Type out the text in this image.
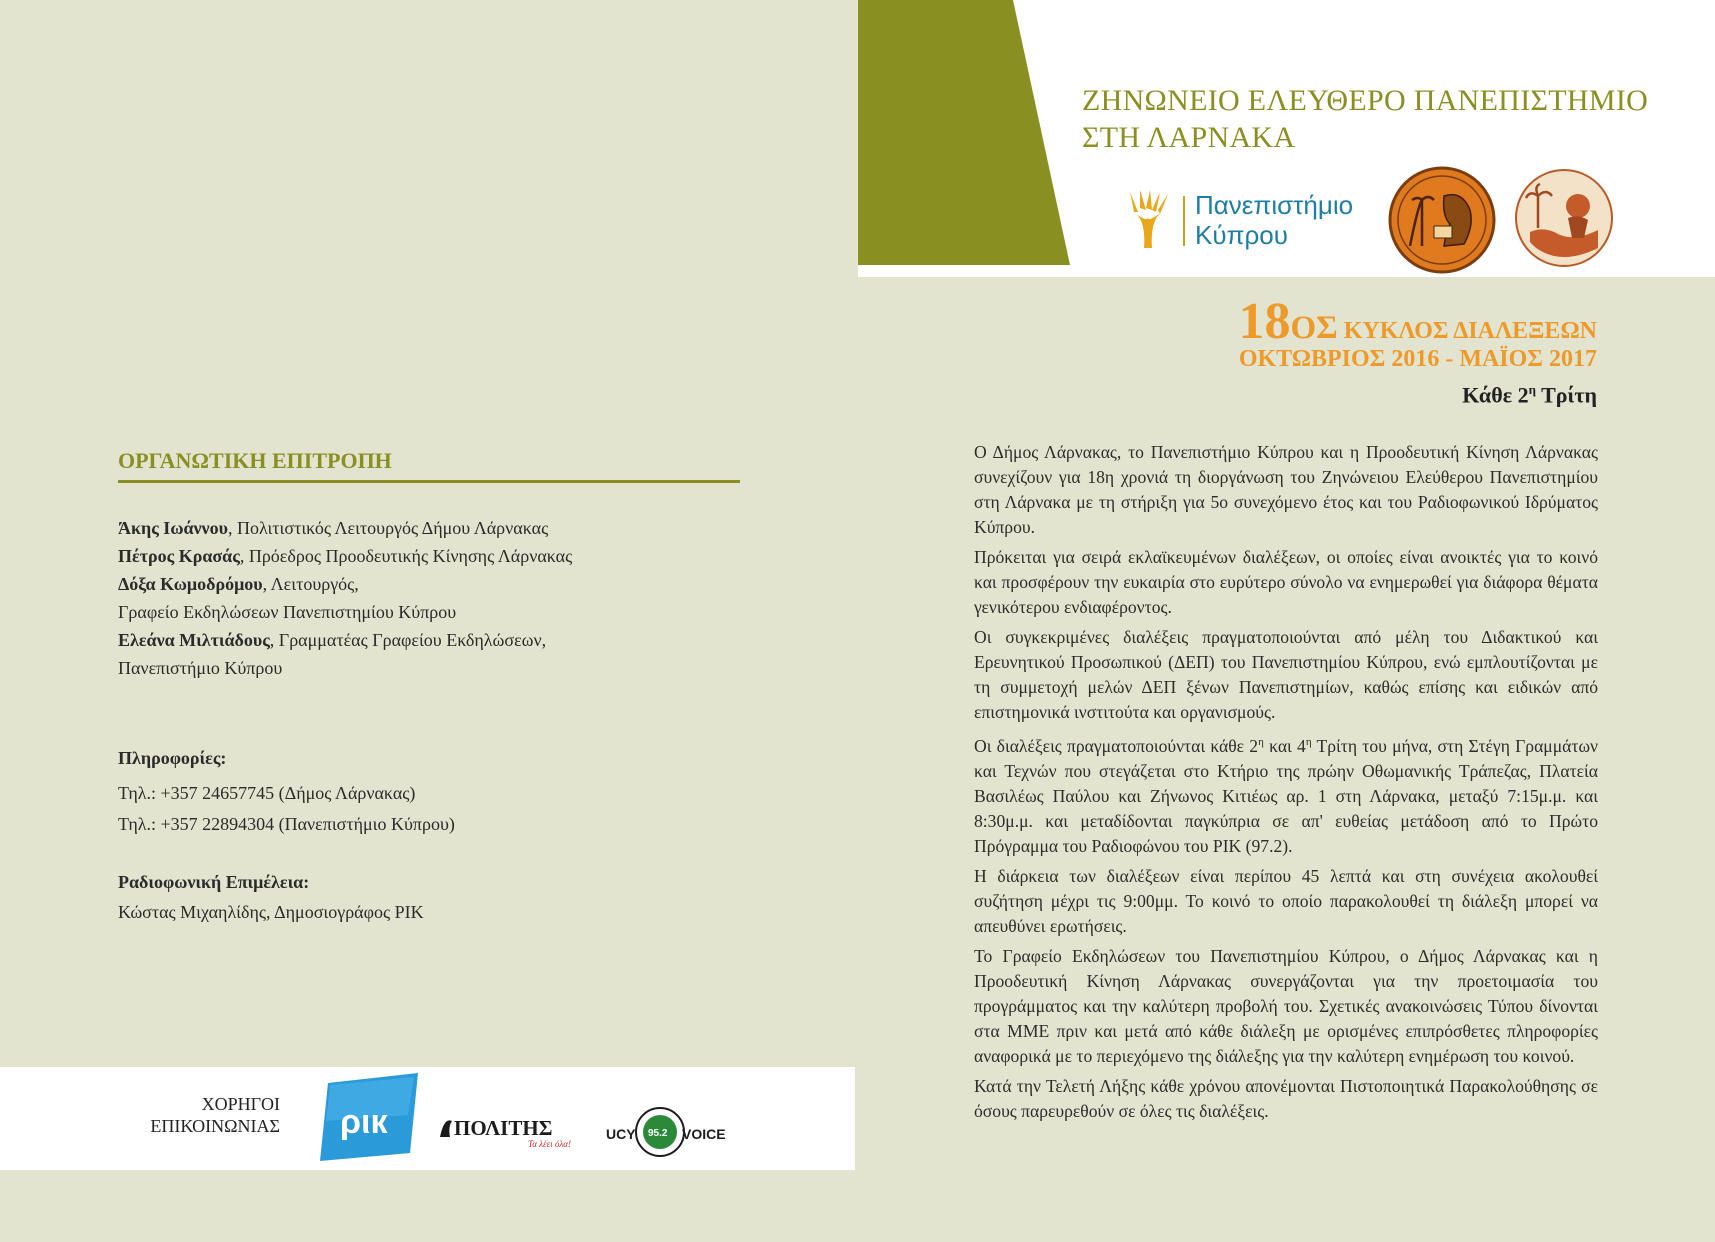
ΖΗΝΩΝΕΙΟ ΕΛΕΥΘΕΡΟ ΠΑΝΕΠΙΣΤΗΜΙΟ
ΣΤΗ ΛΑΡΝΑΚΑ
Πανεπιστήμιο
Κύπρου
18ΟΣ ΚΥΚΛΟΣ ΔΙΑΛΕΞΕΩΝ
ΟΚΤΩΒΡΙΟΣ 2016 - ΜΑΪΟΣ 2017
Κάθε $2^\eta$ Τρίτη

Ο Δήμος Λάρνακας, το Πανεπιστήμιο Κύπρου και η Προοδευτική Κίνηση Λάρνακας συνεχίζουν για 18η χρονιά τη διοργάνωση του Ζηνώνειου Ελεύθερου Πανεπιστημίου στη Λάρνακα με τη στήριξη για 5ο συνεχόμενο έτος και του Ραδιοφωνικού Ιδρύματος Κύπρου.

Πρόκειται για σειρά εκλαϊκευμένων διαλέξεων, οι οποίες είναι ανοικτές για το κοινό και προσφέρουν την ευκαιρία στο ευρύτερο σύνολο να ενημερωθεί για διάφορα θέματα γενικότερου ενδιαφέροντος.

Οι συγκεκριμένες διαλέξεις πραγματοποιούνται από μέλη του Διδακτικού και Ερευνητικού Προσωπικού (ΔΕΠ) του Πανεπιστημίου Κύπρου, ενώ εμπλουτίζονται με τη συμμετοχή μελών ΔΕΠ ξένων Πανεπιστημίων, καθώς επίσης και ειδικών από επιστημονικά ινστιτούτα και οργανισμούς.

Οι διαλέξεις πραγματοποιούνται κάθε $2^\eta$ και $4^\eta$ Τρίτη του μήνα, στη Στέγη Γραμμάτων και Τεχνών που στεγάζεται στο Κτήριο της πρώην Οθωμανικής Τράπεζας, Πλατεία Βασιλέως Παύλου και Ζήνωνος Κιτιέως αρ. 1 στη Λάρνακα, μεταξύ 7:15μ.μ. και 8:30μ.μ. και μεταδίδονται παγκύπρια σε απ' ευθείας μετάδοση από το Πρώτο Πρόγραμμα του Ραδιοφώνου του ΡΙΚ (97.2).

Η διάρκεια των διαλέξεων είναι περίπου 45 λεπτά και στη συνέχεια ακολουθεί συζήτηση μέχρι τις 9:00μμ. Το κοινό το οποίο παρακολουθεί τη διάλεξη μπορεί να απευθύνει ερωτήσεις.

Το Γραφείο Εκδηλώσεων του Πανεπιστημίου Κύπρου, ο Δήμος Λάρνακας και η Προοδευτική Κίνηση Λάρνακας συνεργάζονται για την προετοιμασία του προγράμματος και την καλύτερη προβολή του. Σχετικές ανακοινώσεις Τύπου δίνονται στα ΜΜΕ πριν και μετά από κάθε διάλεξη με ορισμένες επιπρόσθετες πληροφορίες αναφορικά με το περιεχόμενο της διάλεξης για την καλύτερη ενημέρωση του κοινού.

Κατά την Τελετή Λήξης κάθε χρόνου απονέμονται Πιστοποιητικά Παρακολούθησης σε όσους παρευρεθούν σε όλες τις διαλέξεις.

ΟΡΓΑΝΩΤΙΚΗ ΕΠΙΤΡΟΠΗ
Άκης Ιωάννου, Πολιτιστικός Λειτουργός Δήμου Λάρνακας
Πέτρος Κρασάς, Πρόεδρος Προοδευτικής Κίνησης Λάρνακας
Δόξα Κωμοδρόμου, Λειτουργός,
Γραφείο Εκδηλώσεων Πανεπιστημίου Κύπρου
Ελεάνα Μιλτιάδους, Γραμματέας Γραφείου Εκδηλώσεων,
Πανεπιστήμιο Κύπρου
Πληροφορίες:
Τηλ.: +357 24657745 (Δήμος Λάρνακας)
Τηλ.: +357 22894304 (Πανεπιστήμιο Κύπρου)
Ραδιοφωνική Επιμέλεια:
Κώστας Μιχαηλίδης, Δημοσιογράφος ΡΙΚ
ΧΟΡΗΓΟΙ
ΕΠΙΚΟΙΝΩΝΙΑΣ ριк	ΠΟΛΙΤΗΣ
Τα λέει όλα!
UCY 95.2 VOICE
